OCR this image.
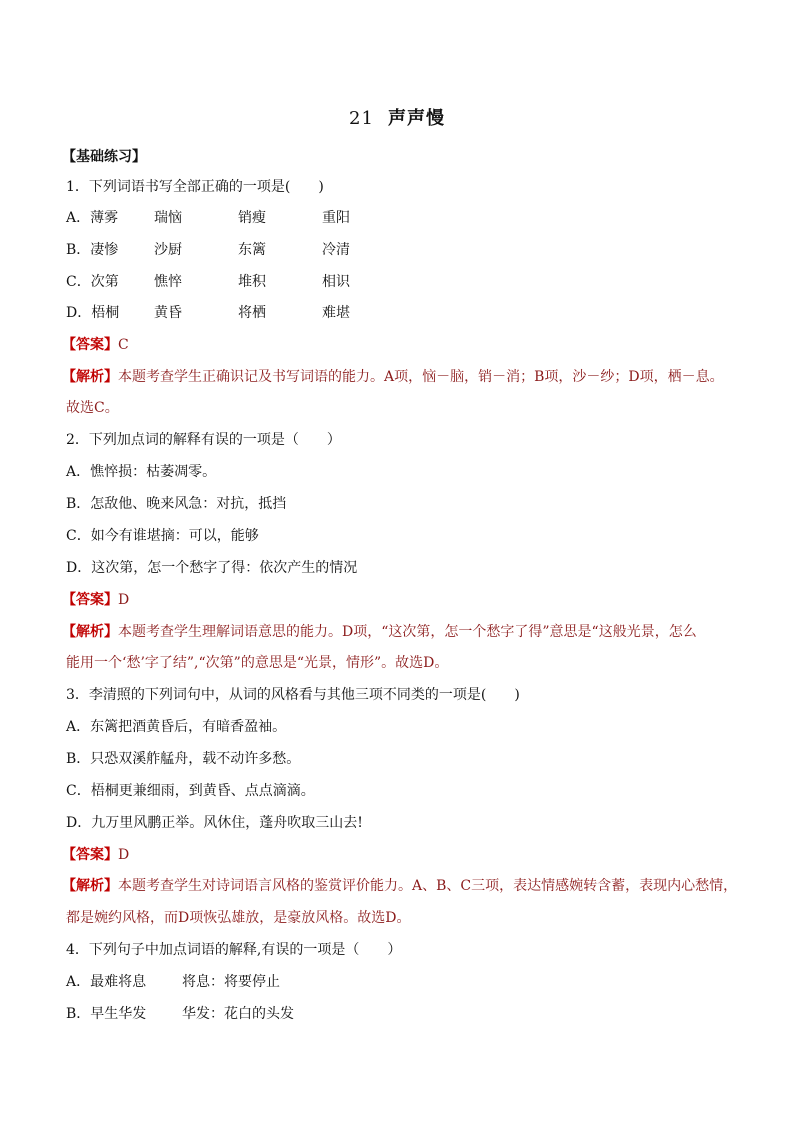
21 声声慢
【基础练习】
1．下列词语书写全部正确的一项是(　　)
A．薄雾	瑞恼	销瘦	重阳
B．凄惨	沙厨	东篱	冷清
C．次第	憔悴	堆积	相识
D．梧桐 黄昏	将栖	难堪
【答案】C
【解析】本题考查学生正确识记及书写词语的能力。A项，恼－脑，销－消；B项，沙－纱；D项，栖－息。
故选C。
2．下列加点词的解释有误的一项是（　　）
A．憔悴损：枯萎凋零。
B．怎敌他、晚来风急：对抗，抵挡
C．如今有谁堪摘：可以，能够
D．这次第，怎一个愁字了得：依次产生的情况
【答案】D
【解析】本题考查学生理解词语意思的能力。D项，“这次第，怎一个愁字了得”意思是“这般光景，怎么
能用一个‘愁’字了结”,“次第”的意思是“光景，情形”。故选D。
3．李清照的下列词句中，从词的风格看与其他三项不同类的一项是(　　)
A．东篱把酒黄昏后，有暗香盈袖。
B．只恐双溪舴艋舟，载不动许多愁。
C．梧桐更兼细雨，到黄昏、点点滴滴。
D．九万里风鹏正举。风休住，蓬舟吹取三山去!
【答案】D
【解析】本题考查学生对诗词语言风格的鉴赏评价能力。A、B、C三项，表达情感婉转含蓄，表现内心愁情，
都是婉约风格，而D项恢弘雄放，是豪放风格。故选D。
4．下列句子中加点词语的解释,有误的一项是（　　）
A．最难将息	将息：将要停止
B．早生华发	华发：花白的头发
